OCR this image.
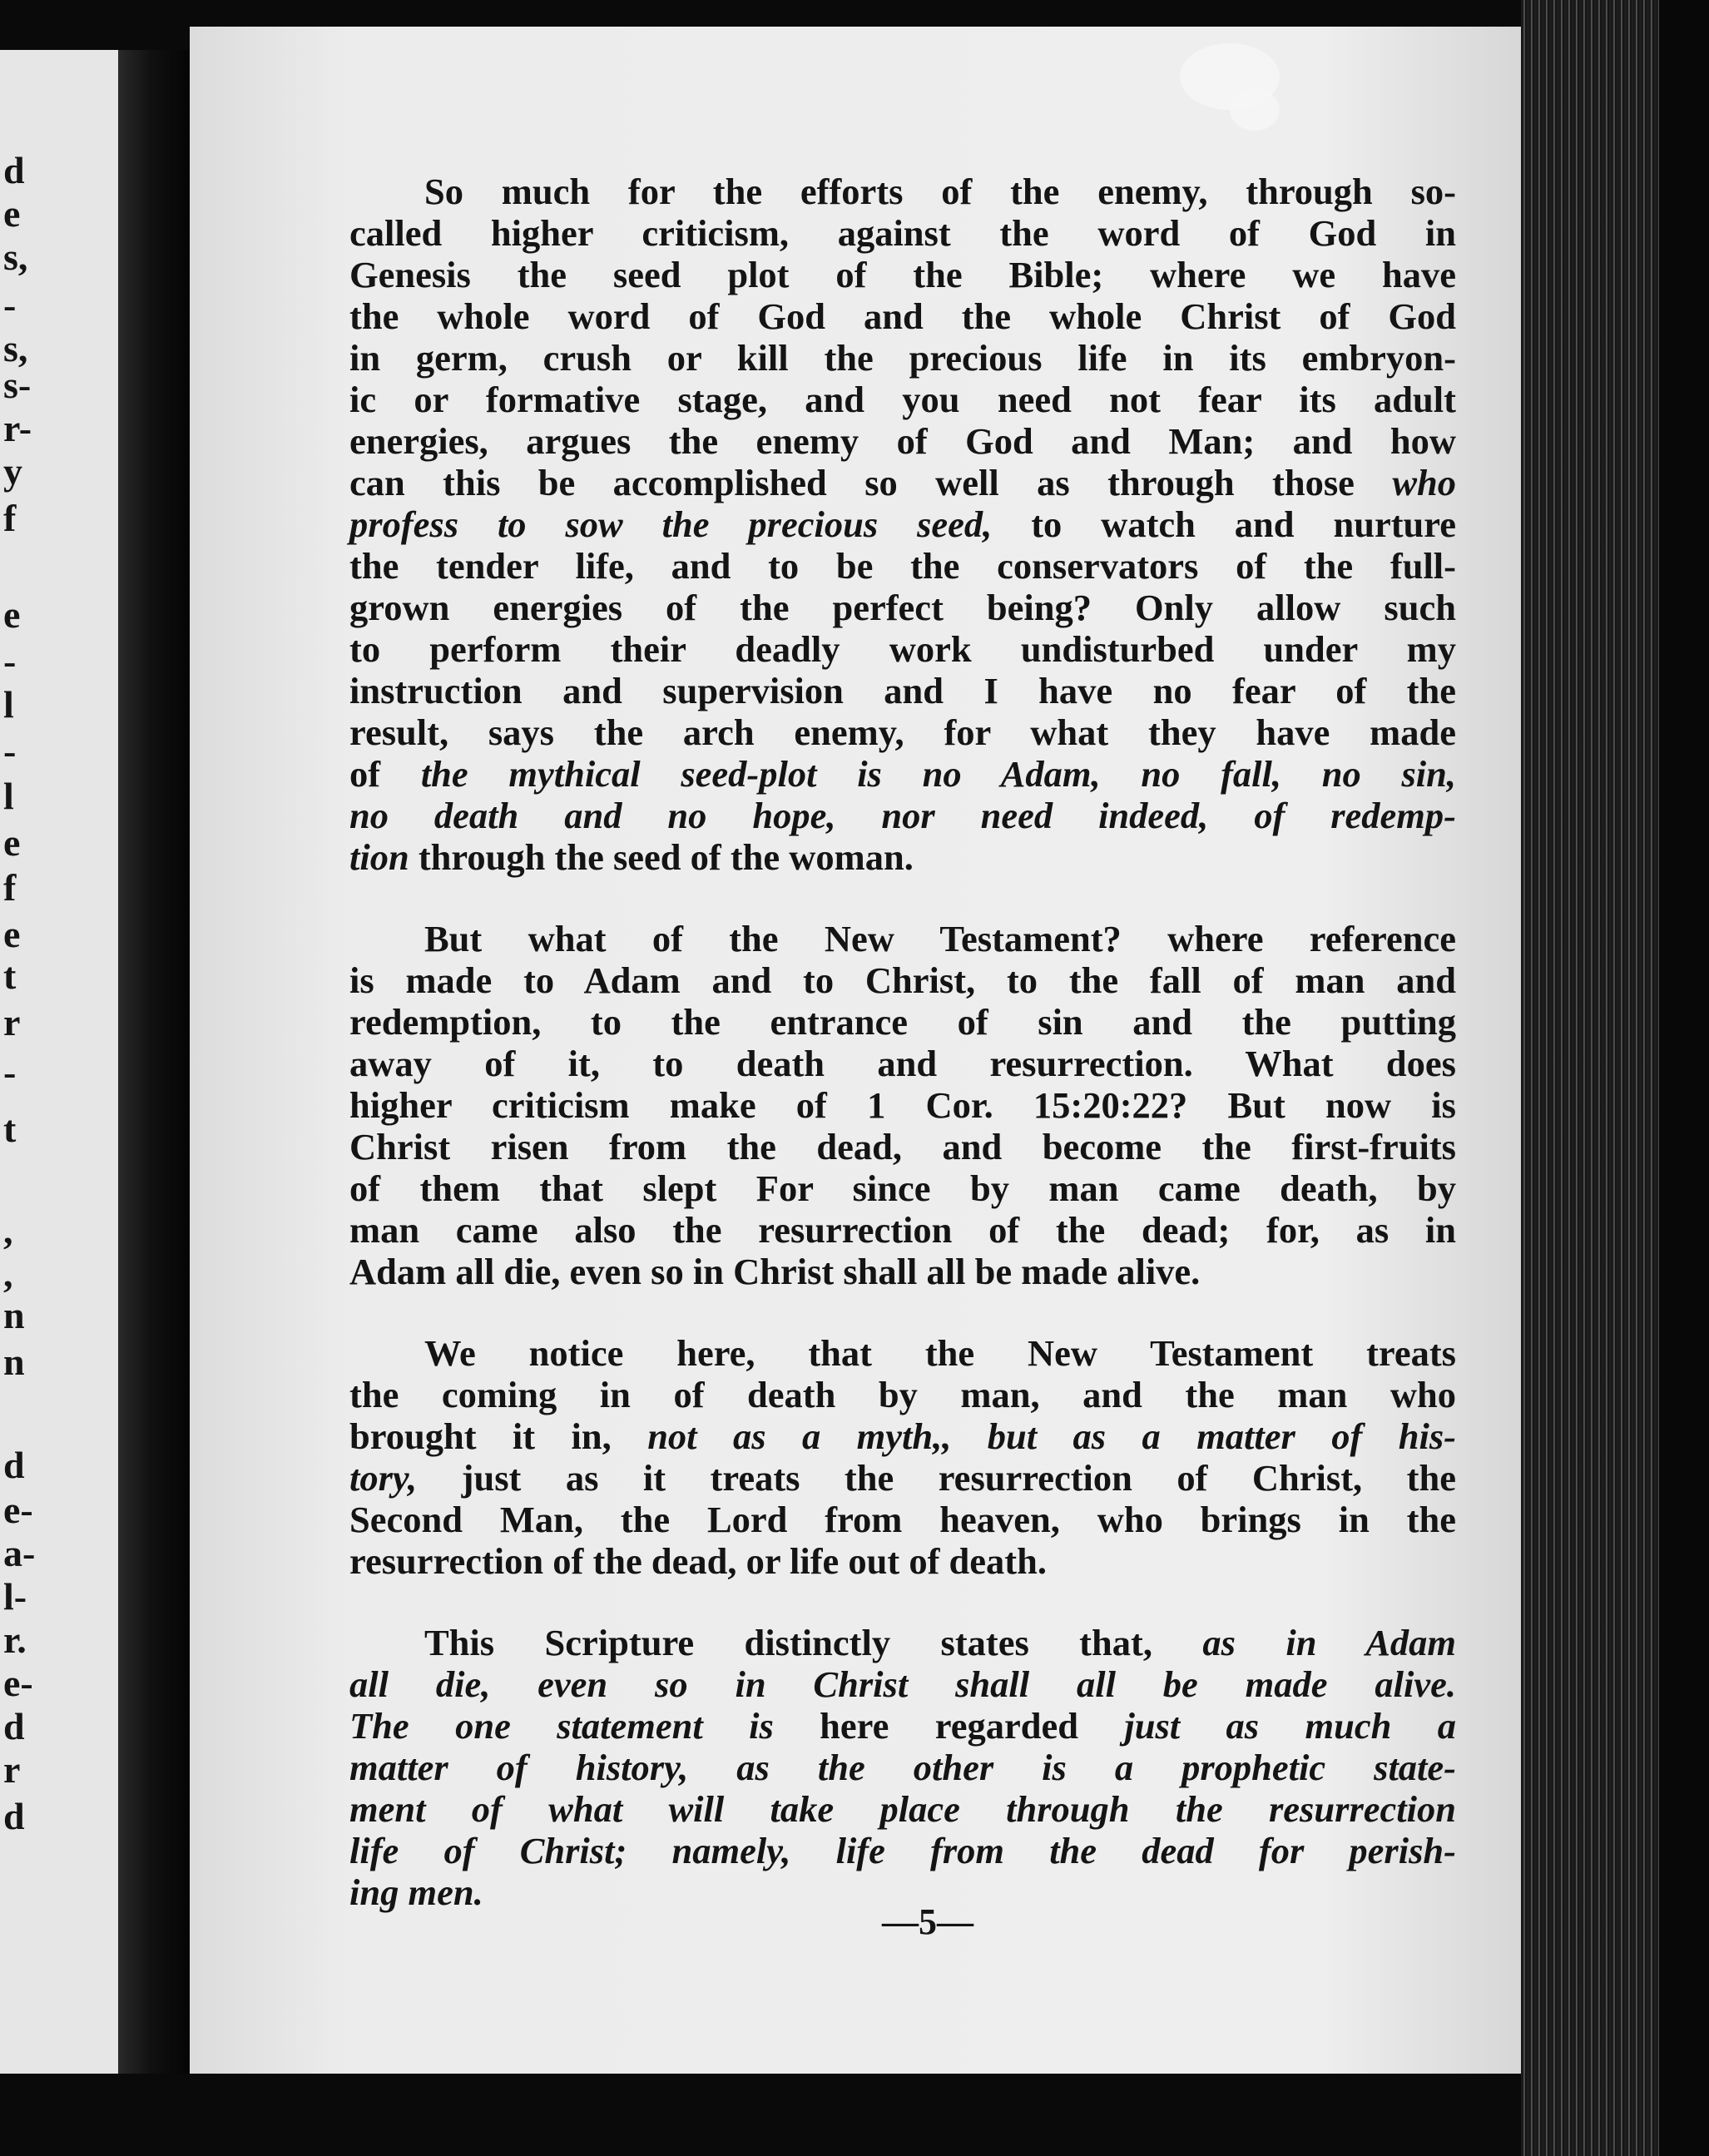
d
e
s,
-
s,
s-
r-
y
f
e
-
l
-
l
e
f
e
t
r
-
t
,
,
n
n
d
e-
a-
l-
r.
e-
d
r
d
So much for the efforts of the enemy, through so-
called higher criticism, against the word of God in
Genesis the seed plot of the Bible; where we have
the whole word of God and the whole Christ of God
in germ, crush or kill the precious life in its embryon-
ic or formative stage, and you need not fear its adult
energies, argues the enemy of God and Man; and how
can this be accomplished so well as through those who
profess to sow the precious seed, to watch and nurture
the tender life, and to be the conservators of the full-
grown energies of the perfect being? Only allow such
to perform their deadly work undisturbed under my
instruction and supervision and I have no fear of the
result, says the arch enemy, for what they have made
of the mythical seed-plot is no Adam, no fall, no sin,
no death and no hope, nor need indeed, of redemp-
tion through the seed of the woman.
But what of the New Testament? where reference
is made to Adam and to Christ, to the fall of man and
redemption, to the entrance of sin and the putting
away of it, to death and resurrection. What does
higher criticism make of 1 Cor. 15:20:22? But now is
Christ risen from the dead, and become the first-fruits
of them that slept For since by man came death, by
man came also the resurrection of the dead; for, as in
Adam all die, even so in Christ shall all be made alive.
We notice here, that the New Testament treats
the coming in of death by man, and the man who
brought it in, not as a myth,, but as a matter of his-
tory, just as it treats the resurrection of Christ, the
Second Man, the Lord from heaven, who brings in the
resurrection of the dead, or life out of death.
This Scripture distinctly states that, as in Adam
all die, even so in Christ shall all be made alive.
The one statement is here regarded just as much a
matter of history, as the other is a prophetic state-
ment of what will take place through the resurrection
life of Christ; namely, life from the dead for perish-
ing men.
—5—
